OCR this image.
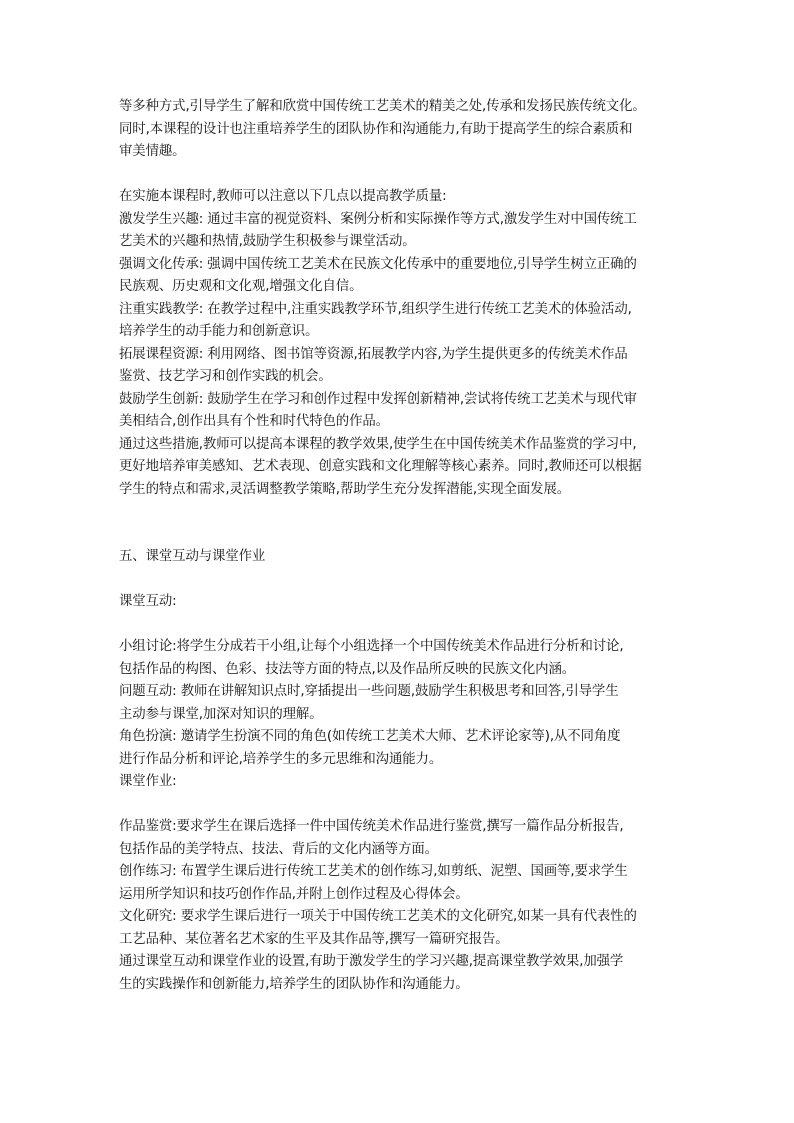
等多种方式,引导学生了解和欣赏中国传统工艺美术的精美之处,传承和发扬民族传统文化。
同时,本课程的设计也注重培养学生的团队协作和沟通能力,有助于提高学生的综合素质和
审美情趣。
在实施本课程时,教师可以注意以下几点以提高教学质量:
激发学生兴趣: 通过丰富的视觉资料、案例分析和实际操作等方式,激发学生对中国传统工
艺美术的兴趣和热情,鼓励学生积极参与课堂活动。
强调文化传承: 强调中国传统工艺美术在民族文化传承中的重要地位,引导学生树立正确的
民族观、历史观和文化观,增强文化自信。
注重实践教学: 在教学过程中,注重实践教学环节,组织学生进行传统工艺美术的体验活动,
培养学生的动手能力和创新意识。
拓展课程资源: 利用网络、图书馆等资源,拓展教学内容,为学生提供更多的传统美术作品
鉴赏、技艺学习和创作实践的机会。
鼓励学生创新: 鼓励学生在学习和创作过程中发挥创新精神,尝试将传统工艺美术与现代审
美相结合,创作出具有个性和时代特色的作品。
通过这些措施,教师可以提高本课程的教学效果,使学生在中国传统美术作品鉴赏的学习中,
更好地培养审美感知、艺术表现、创意实践和文化理解等核心素养。同时,教师还可以根据
学生的特点和需求,灵活调整教学策略,帮助学生充分发挥潜能,实现全面发展。
五、课堂互动与课堂作业
课堂互动:
小组讨论:将学生分成若干小组,让每个小组选择一个中国传统美术作品进行分析和讨论,
包括作品的构图、色彩、技法等方面的特点,以及作品所反映的民族文化内涵。
问题互动: 教师在讲解知识点时,穿插提出一些问题,鼓励学生积极思考和回答,引导学生
主动参与课堂,加深对知识的理解。
角色扮演: 邀请学生扮演不同的角色(如传统工艺美术大师、艺术评论家等),从不同角度
进行作品分析和评论,培养学生的多元思维和沟通能力。
课堂作业:
作品鉴赏:要求学生在课后选择一件中国传统美术作品进行鉴赏,撰写一篇作品分析报告,
包括作品的美学特点、技法、背后的文化内涵等方面。
创作练习: 布置学生课后进行传统工艺美术的创作练习,如剪纸、泥塑、国画等,要求学生
运用所学知识和技巧创作作品,并附上创作过程及心得体会。
文化研究: 要求学生课后进行一项关于中国传统工艺美术的文化研究,如某一具有代表性的
工艺品种、某位著名艺术家的生平及其作品等,撰写一篇研究报告。
通过课堂互动和课堂作业的设置,有助于激发学生的学习兴趣,提高课堂教学效果,加强学
生的实践操作和创新能力,培养学生的团队协作和沟通能力。
